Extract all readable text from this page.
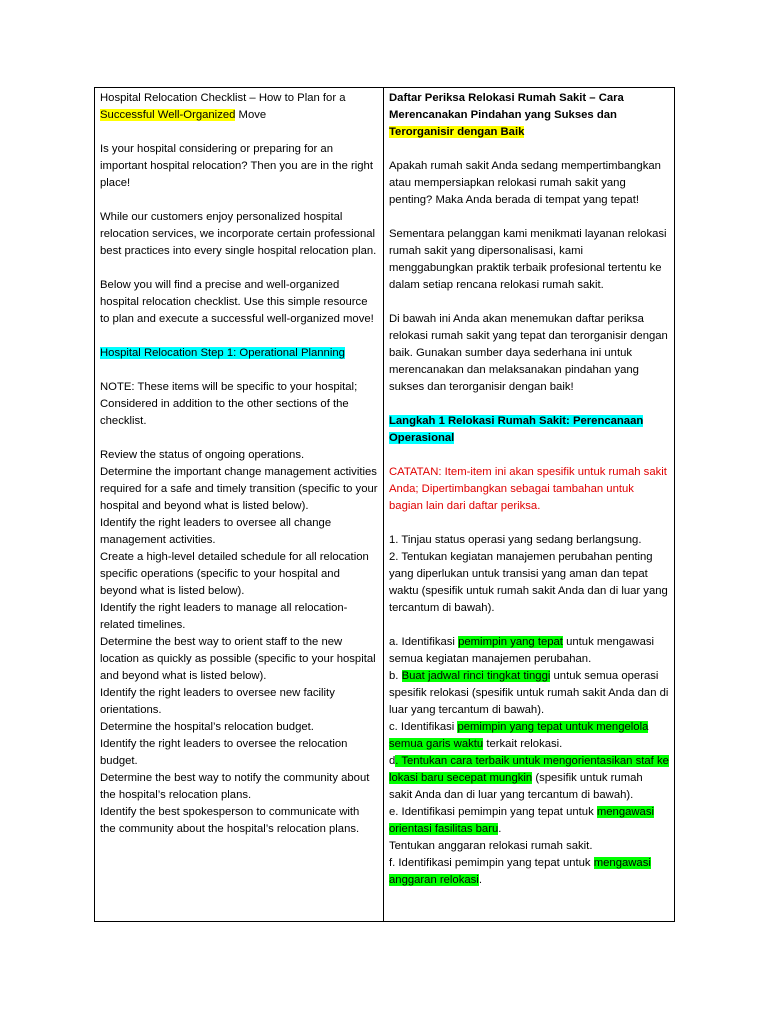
Hospital Relocation Checklist – How to Plan for a Successful Well-Organized Move

Is your hospital considering or preparing for an important hospital relocation? Then you are in the right place!

While our customers enjoy personalized hospital relocation services, we incorporate certain professional best practices into every single hospital relocation plan.

Below you will find a precise and well-organized hospital relocation checklist. Use this simple resource to plan and execute a successful well-organized move!

Hospital Relocation Step 1: Operational Planning

NOTE: These items will be specific to your hospital; Considered in addition to the other sections of the checklist.

Review the status of ongoing operations.

Determine the important change management activities required for a safe and timely transition (specific to your hospital and beyond what is listed below).

Identify the right leaders to oversee all change management activities.

Create a high-level detailed schedule for all relocation specific operations (specific to your hospital and beyond what is listed below).

Identify the right leaders to manage all relocation-related timelines.

Determine the best way to orient staff to the new location as quickly as possible (specific to your hospital and beyond what is listed below).

Identify the right leaders to oversee new facility orientations.

Determine the hospital’s relocation budget.

Identify the right leaders to oversee the relocation budget.

Determine the best way to notify the community about the hospital’s relocation plans.

Identify the best spokesperson to communicate with the community about the hospital’s relocation plans.

Daftar Periksa Relokasi Rumah Sakit – Cara Merencanakan Pindahan yang Sukses dan Terorganisir dengan Baik

Apakah rumah sakit Anda sedang mempertimbangkan atau mempersiapkan relokasi rumah sakit yang penting? Maka Anda berada di tempat yang tepat!

Sementara pelanggan kami menikmati layanan relokasi rumah sakit yang dipersonalisasi, kami menggabungkan praktik terbaik profesional tertentu ke dalam setiap rencana relokasi rumah sakit.

Di bawah ini Anda akan menemukan daftar periksa relokasi rumah sakit yang tepat dan terorganisir dengan baik. Gunakan sumber daya sederhana ini untuk merencanakan dan melaksanakan pindahan yang sukses dan terorganisir dengan baik!

Langkah 1 Relokasi Rumah Sakit: Perencanaan Operasional

CATATAN: Item-item ini akan spesifik untuk rumah sakit Anda; Dipertimbangkan sebagai tambahan untuk bagian lain dari daftar periksa.

1. Tinjau status operasi yang sedang berlangsung.

2. Tentukan kegiatan manajemen perubahan penting yang diperlukan untuk transisi yang aman dan tepat waktu (spesifik untuk rumah sakit Anda dan di luar yang tercantum di bawah).

a. Identifikasi pemimpin yang tepat untuk mengawasi semua kegiatan manajemen perubahan.

b. Buat jadwal rinci tingkat tinggi untuk semua operasi spesifik relokasi (spesifik untuk rumah sakit Anda dan di luar yang tercantum di bawah).

c. Identifikasi pemimpin yang tepat untuk mengelola semua garis waktu terkait relokasi.

d. Tentukan cara terbaik untuk mengorientasikan staf ke lokasi baru secepat mungkin (spesifik untuk rumah sakit Anda dan di luar yang tercantum di bawah).

e. Identifikasi pemimpin yang tepat untuk mengawasi orientasi fasilitas baru.

Tentukan anggaran relokasi rumah sakit.

f. Identifikasi pemimpin yang tepat untuk mengawasi anggaran relokasi.
